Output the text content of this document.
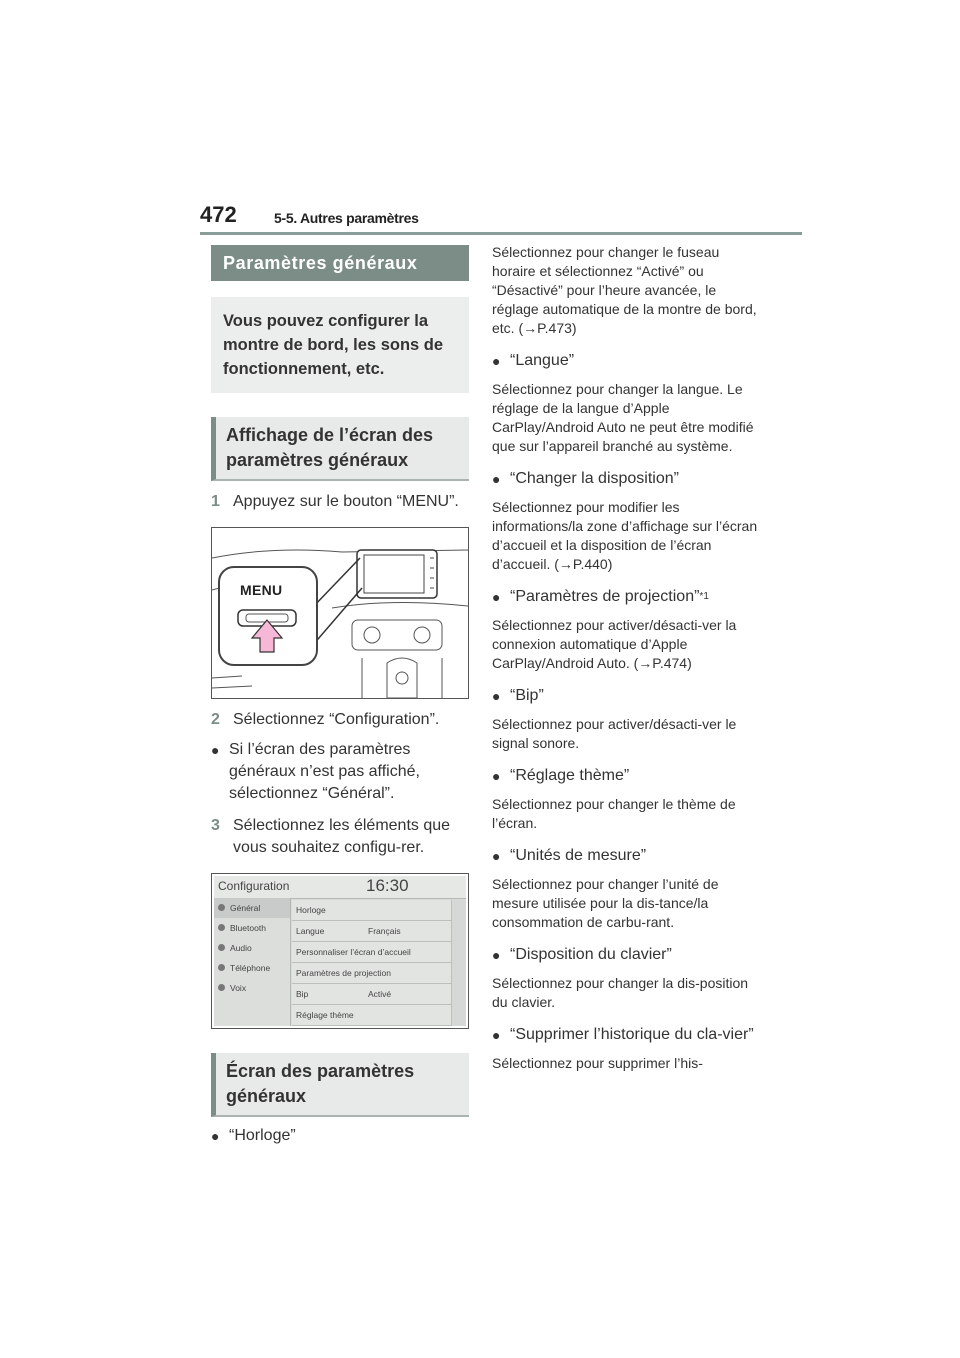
472	5-5. Autres paramètres
Paramètres généraux
Vous pouvez configurer la montre de bord, les sons de fonctionnement, etc.
Affichage de l’écran des paramètres généraux
1 Appuyez sur le bouton “MENU”.
MENU
2 Sélectionnez “Configuration”.
● Si l’écran des paramètres généraux n’est pas affiché, sélectionnez “Général”.
3 Sélectionnez les éléments que vous souhaitez configu-rer.
Configuration	16:30
Général
Bluetooth
Audio
Téléphone
Voix
Horloge
Langue	Français
Personnaliser l’écran d’accueil
Paramètres de projection
Bip	Activé
Réglage thème
Écran des paramètres généraux
● “Horloge”
Sélectionnez pour changer le fuseau horaire et sélectionnez “Activé” ou “Désactivé” pour l’heure avancée, le réglage automatique de la montre de bord, etc. (→P.473)
● “Langue”
Sélectionnez pour changer la langue. Le réglage de la langue d’Apple CarPlay/Android Auto ne peut être modifié que sur l’appareil branché au système.
● “Changer la disposition”
Sélectionnez pour modifier les informations/la zone d’affichage sur l’écran d’accueil et la disposition de l’écran d’accueil. (→P.440)
● “Paramètres de projection” *1
Sélectionnez pour activer/désacti-ver la connexion automatique d’Apple CarPlay/Android Auto. (→P.474)
● “Bip”
Sélectionnez pour activer/désacti-ver le signal sonore.
● “Réglage thème”
Sélectionnez pour changer le thème de l’écran.
● “Unités de mesure”
Sélectionnez pour changer l’unité de mesure utilisée pour la dis-tance/la consommation de carbu-rant.
● “Disposition du clavier”
Sélectionnez pour changer la dis-position du clavier.
● “Supprimer l’historique du cla-vier”
Sélectionnez pour supprimer l’his-
